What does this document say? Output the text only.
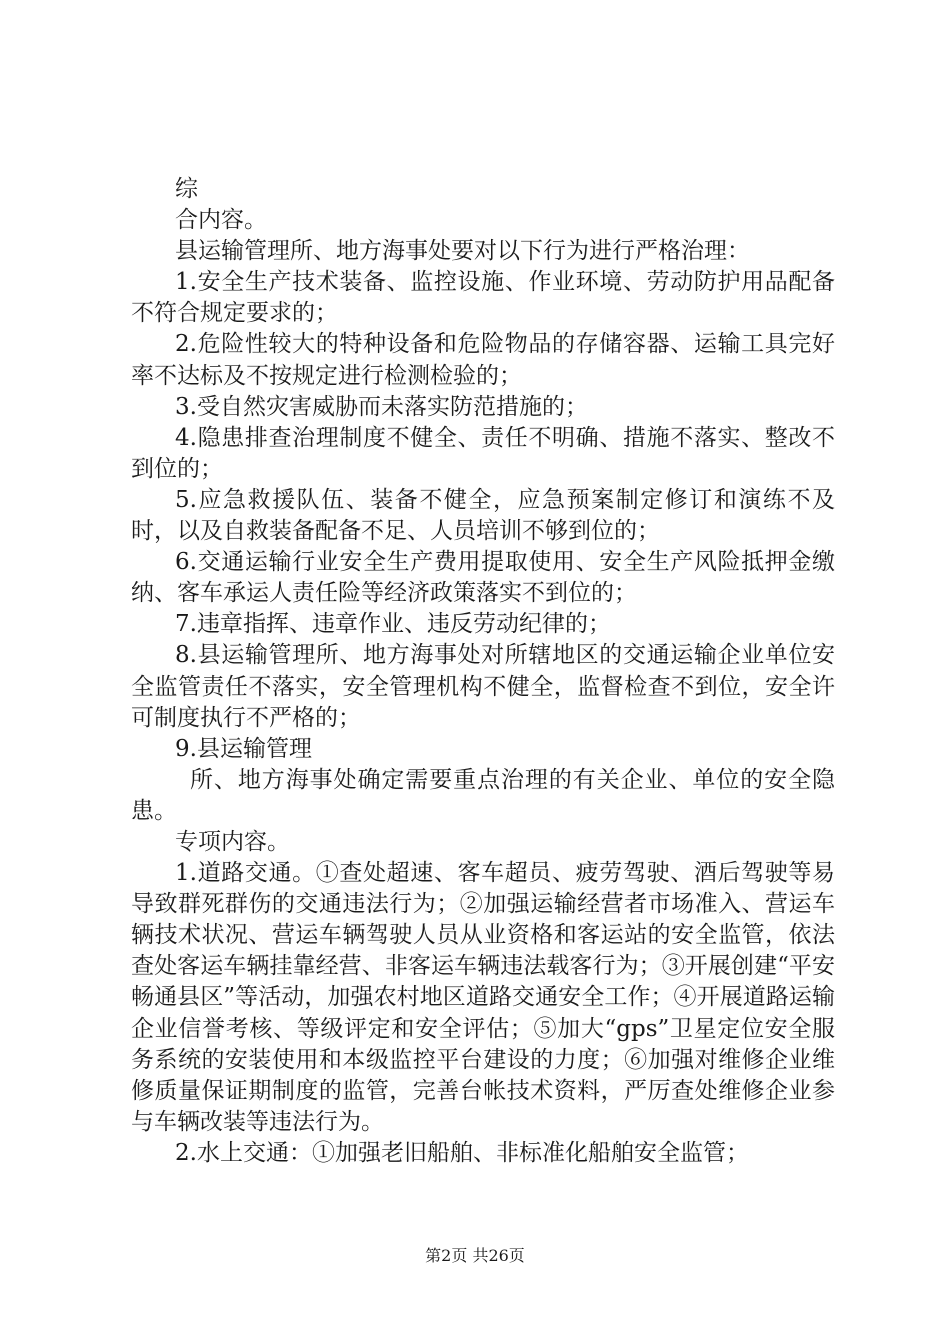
综

合内容。

县运输管理所、地方海事处要对以下行为进行严格治理：

1.安全生产技术装备、监控设施、作业环境、劳动防护用品配备不符合规定要求的；

2.危险性较大的特种设备和危险物品的存储容器、运输工具完好率不达标及不按规定进行检测检验的；

3.受自然灾害威胁而未落实防范措施的；

4.隐患排查治理制度不健全、责任不明确、措施不落实、整改不到位的；

5.应急救援队伍、装备不健全，应急预案制定修订和演练不及时，以及自救装备配备不足、人员培训不够到位的；

6.交通运输行业安全生产费用提取使用、安全生产风险抵押金缴纳、客车承运人责任险等经济政策落实不到位的；

7.违章指挥、违章作业、违反劳动纪律的；

8.县运输管理所、地方海事处对所辖地区的交通运输企业单位安全监管责任不落实，安全管理机构不健全，监督检查不到位，安全许可制度执行不严格的；

9.县运输管理

所、地方海事处确定需要重点治理的有关企业、单位的安全隐患。

专项内容。

1.道路交通。①查处超速、客车超员、疲劳驾驶、酒后驾驶等易导致群死群伤的交通违法行为；②加强运输经营者市场准入、营运车辆技术状况、营运车辆驾驶人员从业资格和客运站的安全监管，依法查处客运车辆挂靠经营、非客运车辆违法载客行为；③开展创建“平安畅通县区”等活动，加强农村地区道路交通安全工作；④开展道路运输企业信誉考核、等级评定和安全评估；⑤加大“gps”卫星定位安全服务系统的安装使用和本级监控平台建设的力度；⑥加强对维修企业维修质量保证期制度的监管，完善台帐技术资料，严厉查处维修企业参与车辆改装等违法行为。

2.水上交通：①加强老旧船舶、非标准化船舶安全监管；

第2页 共26页
